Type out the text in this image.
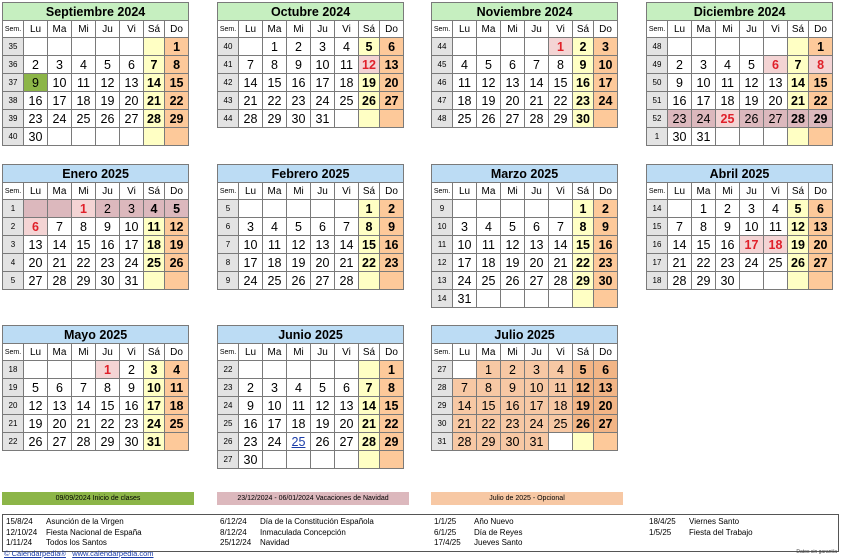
Septiembre 2024							
Sem.	Lu	Ma	Mi	Ju	Vi	Sá	Do
35							1
36	2	3	4	5	6	7	8
37	9	10	11	12	13	14	15
38	16	17	18	19	20	21	22
39	23	24	25	26	27	28	29
40	30						
Octubre 2024							
Sem.	Lu	Ma	Mi	Ju	Vi	Sá	Do
40		1	2	3	4	5	6
41	7	8	9	10	11	12	13
42	14	15	16	17	18	19	20
43	21	22	23	24	25	26	27
44	28	29	30	31			
Noviembre 2024							
Sem.	Lu	Ma	Mi	Ju	Vi	Sá	Do
44					1	2	3
45	4	5	6	7	8	9	10
46	11	12	13	14	15	16	17
47	18	19	20	21	22	23	24
48	25	26	27	28	29	30	
Diciembre 2024							
Sem.	Lu	Ma	Mi	Ju	Vi	Sá	Do
48							1
49	2	3	4	5	6	7	8
50	9	10	11	12	13	14	15
51	16	17	18	19	20	21	22
52	23	24	25	26	27	28	29
1	30	31					
Enero 2025							
Sem.	Lu	Ma	Mi	Ju	Vi	Sá	Do
1			1	2	3	4	5
2	6	7	8	9	10	11	12
3	13	14	15	16	17	18	19
4	20	21	22	23	24	25	26
5	27	28	29	30	31		
Febrero 2025							
Sem.	Lu	Ma	Mi	Ju	Vi	Sá	Do
5						1	2
6	3	4	5	6	7	8	9
7	10	11	12	13	14	15	16
8	17	18	19	20	21	22	23
9	24	25	26	27	28		
Marzo 2025							
Sem.	Lu	Ma	Mi	Ju	Vi	Sá	Do
9						1	2
10	3	4	5	6	7	8	9
11	10	11	12	13	14	15	16
12	17	18	19	20	21	22	23
13	24	25	26	27	28	29	30
14	31						
Abril 2025							
Sem.	Lu	Ma	Mi	Ju	Vi	Sá	Do
14		1	2	3	4	5	6
15	7	8	9	10	11	12	13
16	14	15	16	17	18	19	20
17	21	22	23	24	25	26	27
18	28	29	30				
Mayo 2025							
Sem.	Lu	Ma	Mi	Ju	Vi	Sá	Do
18				1	2	3	4
19	5	6	7	8	9	10	11
20	12	13	14	15	16	17	18
21	19	20	21	22	23	24	25
22	26	27	28	29	30	31	
Junio 2025							
Sem.	Lu	Ma	Mi	Ju	Vi	Sá	Do
22							1
23	2	3	4	5	6	7	8
24	9	10	11	12	13	14	15
25	16	17	18	19	20	21	22
26	23	24	25	26	27	28	29
27	30						
Julio 2025							
Sem.	Lu	Ma	Mi	Ju	Vi	Sá	Do
27		1	2	3	4	5	6
28	7	8	9	10	11	12	13
29	14	15	16	17	18	19	20
30	21	22	23	24	25	26	27
31	28	29	30	31			
09/09/2024 Inicio de clases	23/12/2024 - 06/01/2024 Vacaciones de Navidad	Julio de 2025 - Opcional
15/8/24 Asunción de la Virgen
12/10/24 Fiesta Nacional de España
1/11/24 Todos los Santos
6/12/24 Día de la Constitución Española
8/12/24 Inmaculada Concepción
25/12/24 Navidad
1/1/25 Año Nuevo
6/1/25 Día de Reyes
17/4/25 Jueves Santo
18/4/25 Viernes Santo
1/5/25 Fiesta del Trabajo
© Calendarpedia® www.calendarpedia.com	Datos sin garantía
